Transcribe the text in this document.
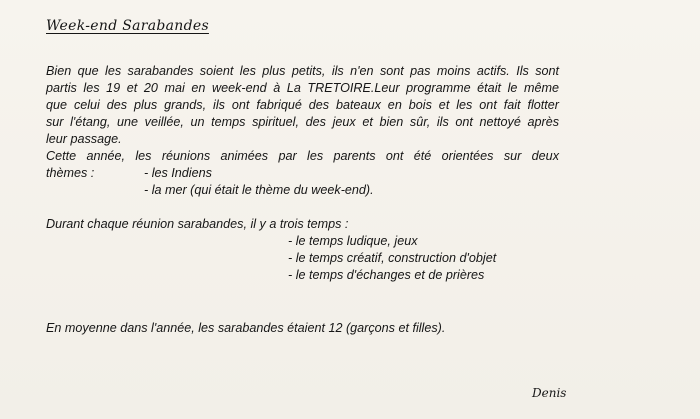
Week-end Sarabandes
Bien que les sarabandes soient les plus petits, ils n'en sont pas moins actifs. Ils sont
partis les 19 et 20 mai en week-end à La TRETOIRE.Leur programme était le même
que celui des plus grands, ils ont fabriqué des bateaux en bois et les ont fait flotter
sur l'étang, une veillée, un temps spirituel, des jeux et bien sûr, ils ont nettoyé après
leur passage.
Cette année, les réunions animées par les parents ont été orientées sur deux
thèmes :	- les Indiens
- la mer (qui était le thème du week-end).
Durant chaque réunion sarabandes, il y a trois temps :
- le temps ludique, jeux
- le temps créatif, construction d'objet
- le temps d'échanges et de prières
En moyenne dans l'année, les sarabandes étaient 12 (garçons et filles).
Denis
